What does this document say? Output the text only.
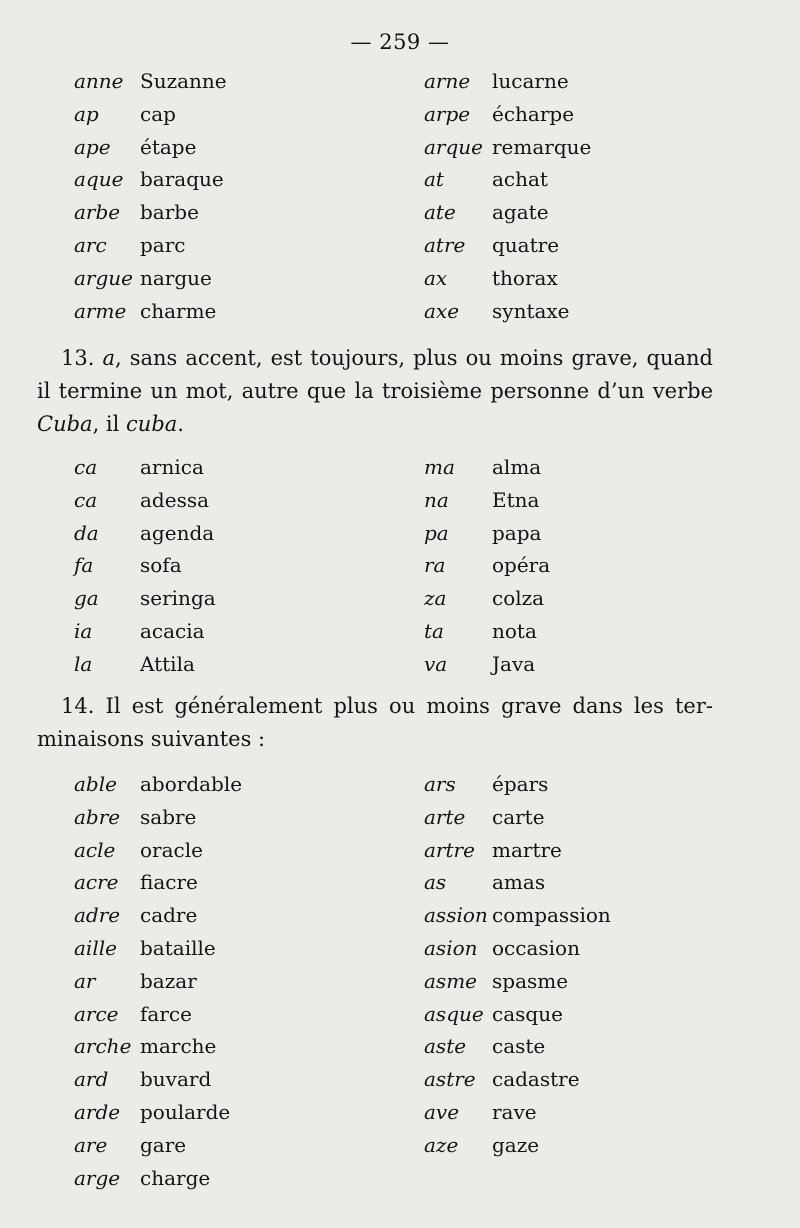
— 259 —
anne Suzanne	arne lucarne
ap cap	arpe écharpe
ape étape	arque remarque
aque baraque	at achat
arbe barbe	ate agate
arc parc	atre quatre
argue nargue	ax thorax
arme charme	axe syntaxe
13. a, sans accent, est toujours, plus ou moins grave, quand
il termine un mot, autre que la troisième personne d’un verbe
Cuba, il cuba.
ca arnica	ma alma
ca adessa	na Etna
da agenda	pa papa
fa sofa	ra opéra
ga seringa	za colza
ia acacia	ta nota
la Attila	va Java
14. Il est généralement plus ou moins grave dans les ter-
minaisons suivantes :
able abordable	ars épars
abre sabre	arte carte
acle oracle	artre martre
acre fiacre	as amas
adre cadre	assion compassion
aille bataille	asion occasion
ar bazar	asme spasme
arce farce	asque casque
arche marche	aste caste
ard buvard	astre cadastre
arde poularde	ave rave
are gare	aze gaze
arge charge
